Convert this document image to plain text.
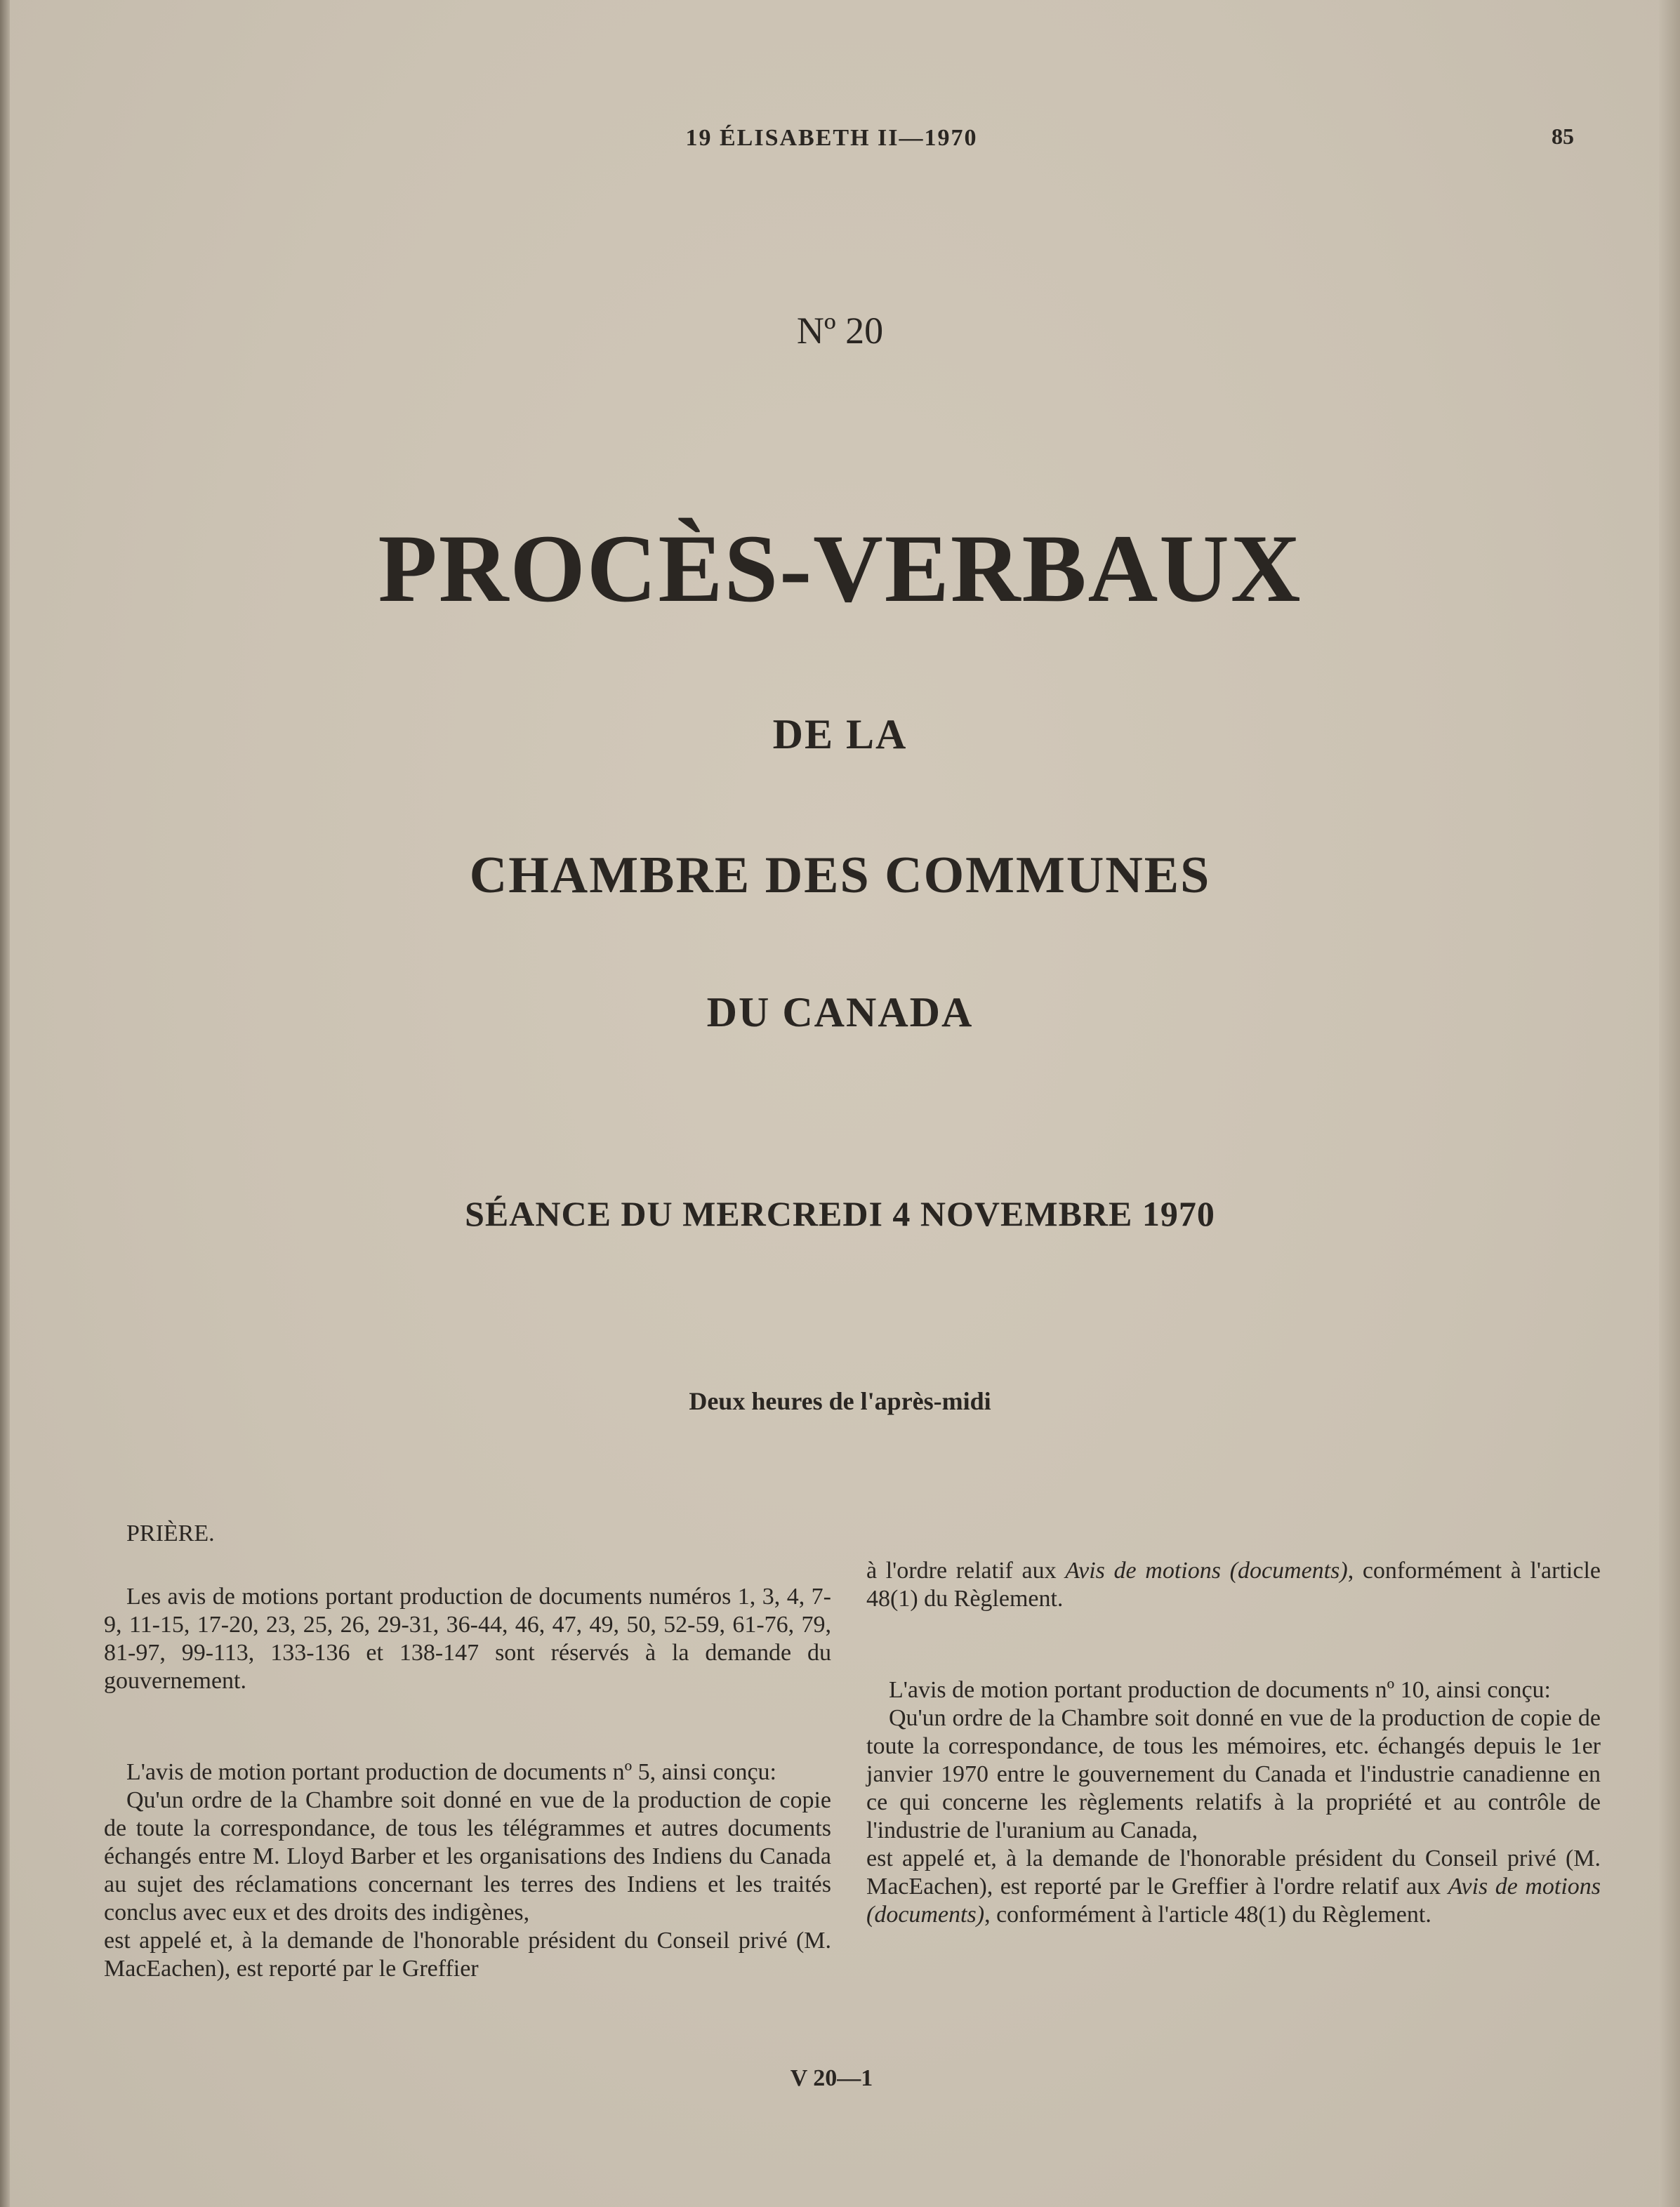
19 ÉLISABETH II—1970	85
Nº 20
PROCÈS-VERBAUX
DE LA
CHAMBRE DES COMMUNES
DU CANADA
SÉANCE DU MERCREDI 4 NOVEMBRE 1970
Deux heures de l'après-midi

PRIÈRE.

Les avis de motions portant production de documents numéros 1, 3, 4, 7-9, 11-15, 17-20, 23, 25, 26, 29-31, 36-44, 46, 47, 49, 50, 52-59, 61-76, 79, 81-97, 99-113, 133-136 et 138-147 sont réservés à la demande du gouvernement.

L'avis de motion portant production de documents nº 5, ainsi conçu:

Qu'un ordre de la Chambre soit donné en vue de la production de copie de toute la correspondance, de tous les télégrammes et autres documents échangés entre M. Lloyd Barber et les organisations des Indiens du Canada au sujet des réclamations concernant les terres des Indiens et les traités conclus avec eux et des droits des indigènes,

est appelé et, à la demande de l'honorable président du Conseil privé (M. MacEachen), est reporté par le Greffier

à l'ordre relatif aux Avis de motions (documents), conformément à l'article 48(1) du Règlement.

L'avis de motion portant production de documents nº 10, ainsi conçu:

Qu'un ordre de la Chambre soit donné en vue de la production de copie de toute la correspondance, de tous les mémoires, etc. échangés depuis le 1er janvier 1970 entre le gouvernement du Canada et l'industrie canadienne en ce qui concerne les règlements relatifs à la propriété et au contrôle de l'industrie de l'uranium au Canada,

est appelé et, à la demande de l'honorable président du Conseil privé (M. MacEachen), est reporté par le Greffier à l'ordre relatif aux Avis de motions (documents), conformément à l'article 48(1) du Règlement.

V 20—1
